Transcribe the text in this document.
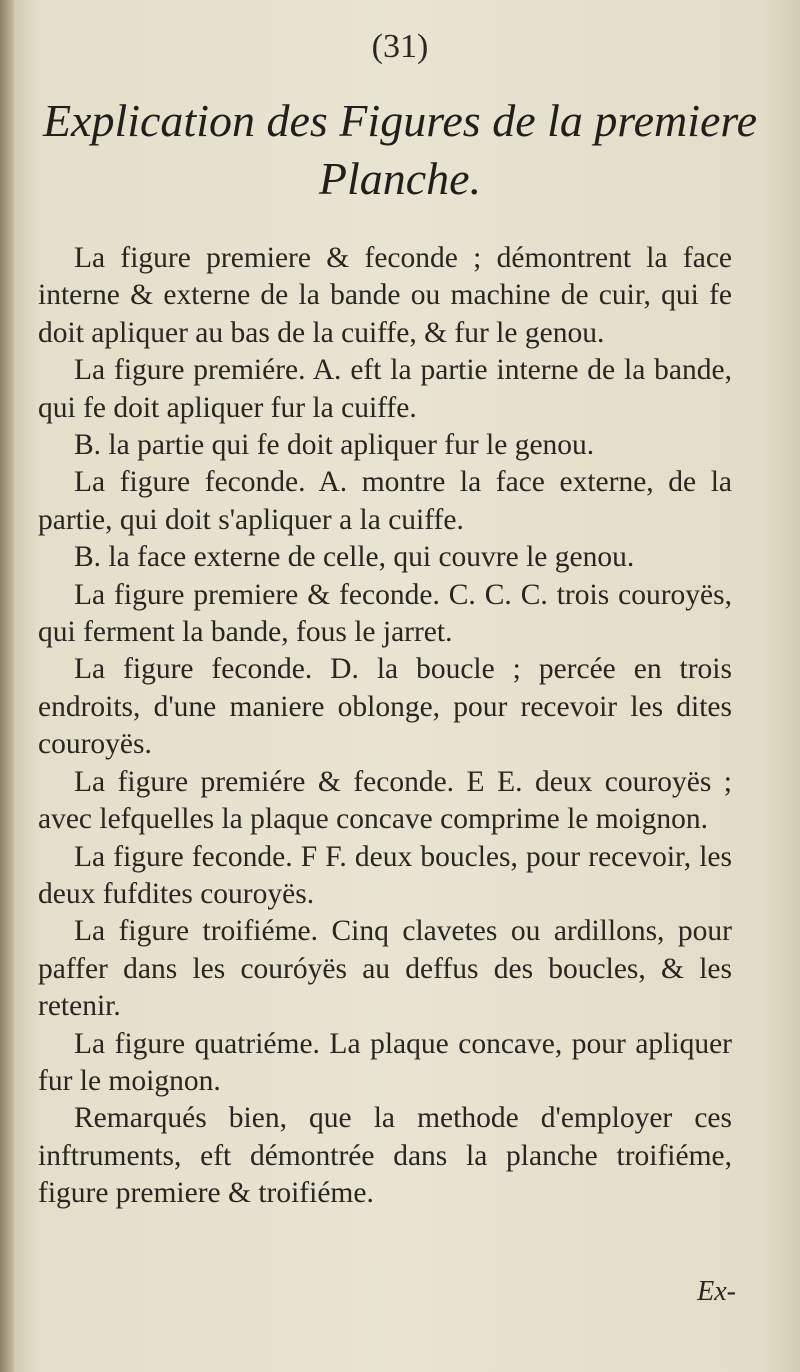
(31)
Explication des Figures de la premiere
Planche.

La figure premiere & feconde ; démontrent la face interne & externe de la bande ou machine de cuir, qui fe doit apliquer au bas de la cuiffe, & fur le genou.

La figure premiére. A. eft la partie interne de la bande, qui fe doit apliquer fur la cuiffe.

B. la partie qui fe doit apliquer fur le genou.

La figure feconde. A. montre la face externe, de la partie, qui doit s'apliquer a la cuiffe.

B. la face externe de celle, qui couvre le genou.

La figure premiere & feconde. C. C. C. trois couroyës, qui ferment la bande, fous le jarret.

La figure feconde. D. la boucle ; percée en trois endroits, d'une maniere oblonge, pour recevoir les dites couroyës.

La figure premiére & feconde. E E. deux couroyës ; avec lefquelles la plaque concave comprime le moignon.

La figure feconde. F F. deux boucles, pour recevoir, les deux fufdites couroyës.

La figure troifiéme. Cinq clavetes ou ardillons, pour paffer dans les couróyës au deffus des boucles, & les retenir.

La figure quatriéme. La plaque concave, pour apliquer fur le moignon.

Remarqués bien, que la methode d'employer ces inftruments, eft démontrée dans la planche troifiéme, figure premiere & troifiéme.

Ex-
